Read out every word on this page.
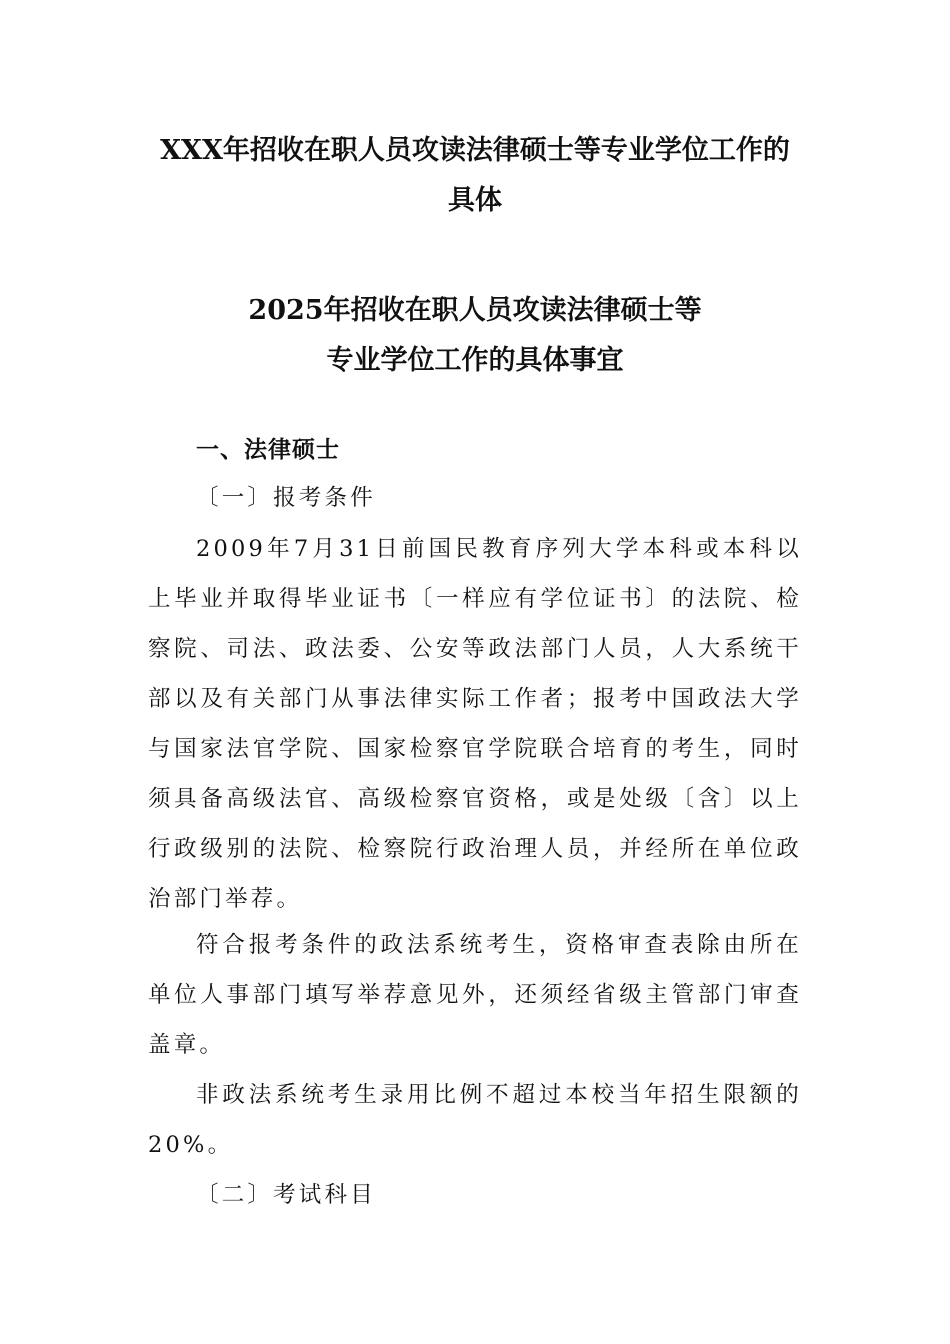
XXX年招收在职人员攻读法律硕士等专业学位工作的具体
2025年招收在职人员攻读法律硕士等
专业学位工作的具体事宜

一、法律硕士

〔一〕报考条件

2009年7月31日前国民教育序列大学本科或本科以上毕业并取得毕业证书〔一样应有学位证书〕的法院、检察院、司法、政法委、公安等政法部门人员，人大系统干部以及有关部门从事法律实际工作者；报考中国政法大学与国家法官学院、国家检察官学院联合培育的考生，同时须具备高级法官、高级检察官资格，或是处级〔含〕以上行政级别的法院、检察院行政治理人员，并经所在单位政治部门举荐。

符合报考条件的政法系统考生，资格审查表除由所在单位人事部门填写举荐意见外，还须经省级主管部门审查盖章。

非政法系统考生录用比例不超过本校当年招生限额的20%。

〔二〕考试科目
